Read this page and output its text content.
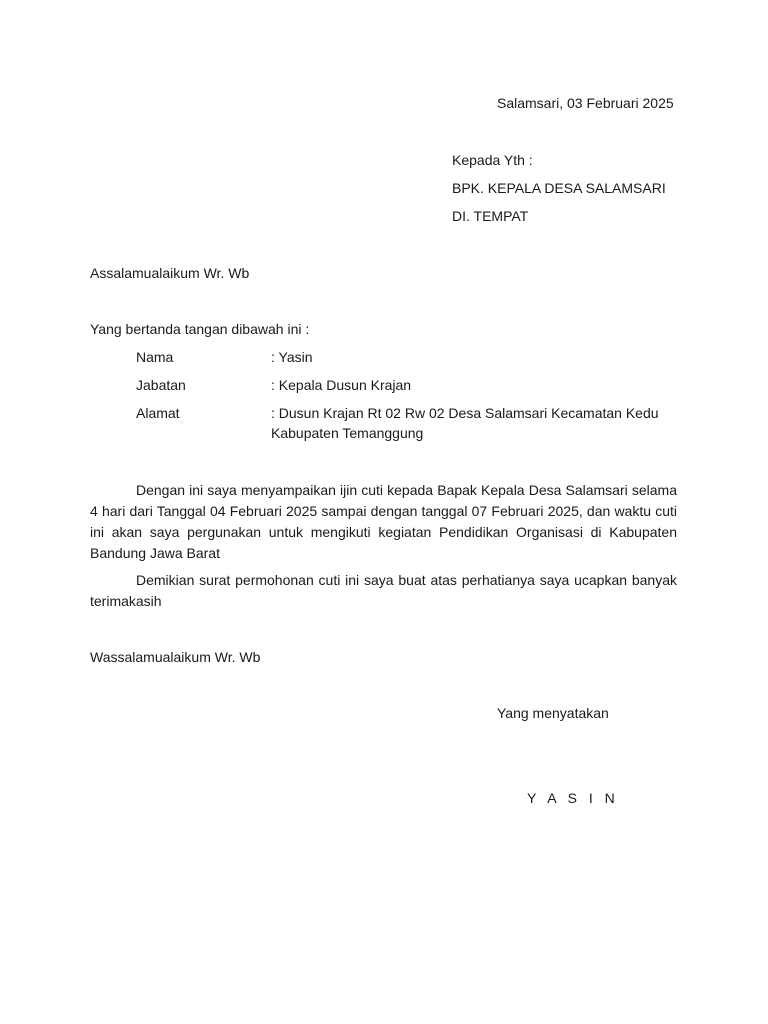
Salamsari, 03 Februari 2025
Kepada Yth :
BPK. KEPALA DESA SALAMSARI
DI. TEMPAT
Assalamualaikum Wr. Wb
Yang bertanda tangan dibawah ini :
Nama	: Yasin
Jabatan	: Kepala Dusun Krajan
Alamat	: Dusun Krajan Rt 02 Rw 02 Desa Salamsari Kecamatan Kedu Kabupaten Temanggung

Dengan ini saya menyampaikan ijin cuti kepada Bapak Kepala Desa Salamsari selama 4 hari dari Tanggal 04 Februari 2025 sampai dengan tanggal 07 Februari 2025, dan waktu cuti ini akan saya pergunakan untuk mengikuti kegiatan Pendidikan Organisasi di Kabupaten Bandung Jawa Barat

Demikian surat permohonan cuti ini saya buat atas perhatianya saya ucapkan banyak terimakasih

Wassalamualaikum Wr. Wb
Yang menyatakan
Y A S I N
